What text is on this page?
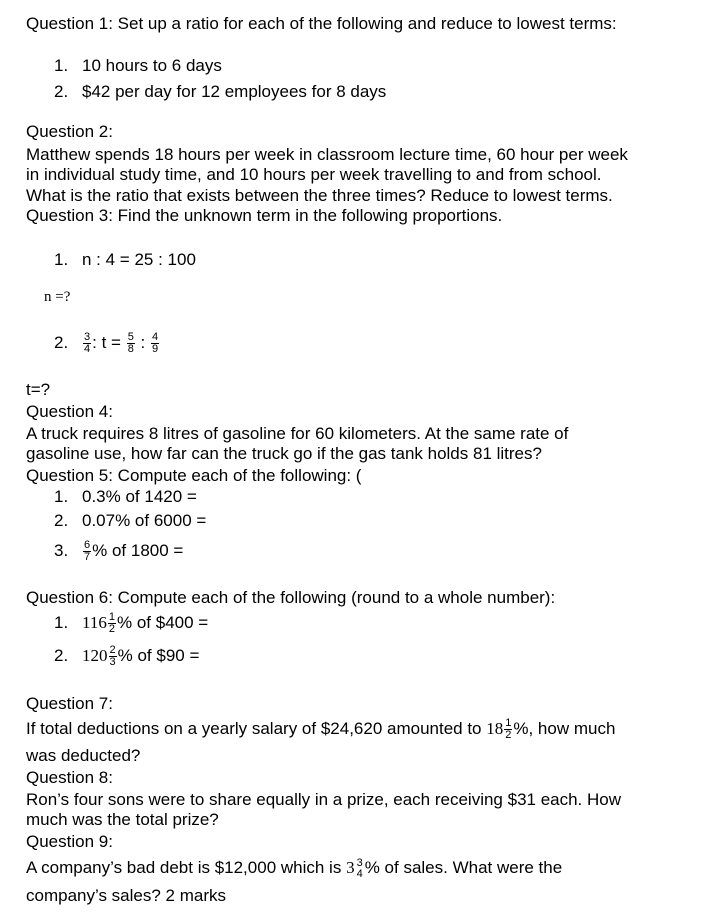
Question 1: Set up a ratio for each of the following and reduce to lowest terms:
1. 10 hours to 6 days
2. $42 per day for 12 employees for 8 days
Question 2:
Matthew spends 18 hours per week in classroom lecture time, 60 hour per week
in individual study time, and 10 hours per week travelling to and from school.
What is the ratio that exists between the three times? Reduce to lowest terms.
Question 3: Find the unknown term in the following proportions.
1. n : 4 = 25 : 100
n =?
2. $\frac{3}{4}$ : $t = \frac{5}{8}$ : $\frac{4}{9}$
t=?
Question 4:
A truck requires 8 litres of gasoline for 60 kilometers. At the same rate of
gasoline use, how far can the truck go if the gas tank holds 81 litres?
Question 5: Compute each of the following: (
1. 0.3% of 1420 =
2. 0.07% of 6000 =
3. $\frac{6}{7}$ % of 1800 =
Question 6: Compute each of the following (round to a whole number):
1. $116 \frac{1}{2}$ % of $400 =
2. $120 \frac{2}{3}$ % of $90 =
Question 7:
If total deductions on a yearly salary of $24,620 amounted to $18 \frac{1}{2}$ %, how much
was deducted?
Question 8:
Ron’s four sons were to share equally in a prize, each receiving $31 each. How
much was the total prize?
Question 9:
A company’s bad debt is $12,000 which is 3 3
4 % of sales. What were the
company’s sales? 2 marks
